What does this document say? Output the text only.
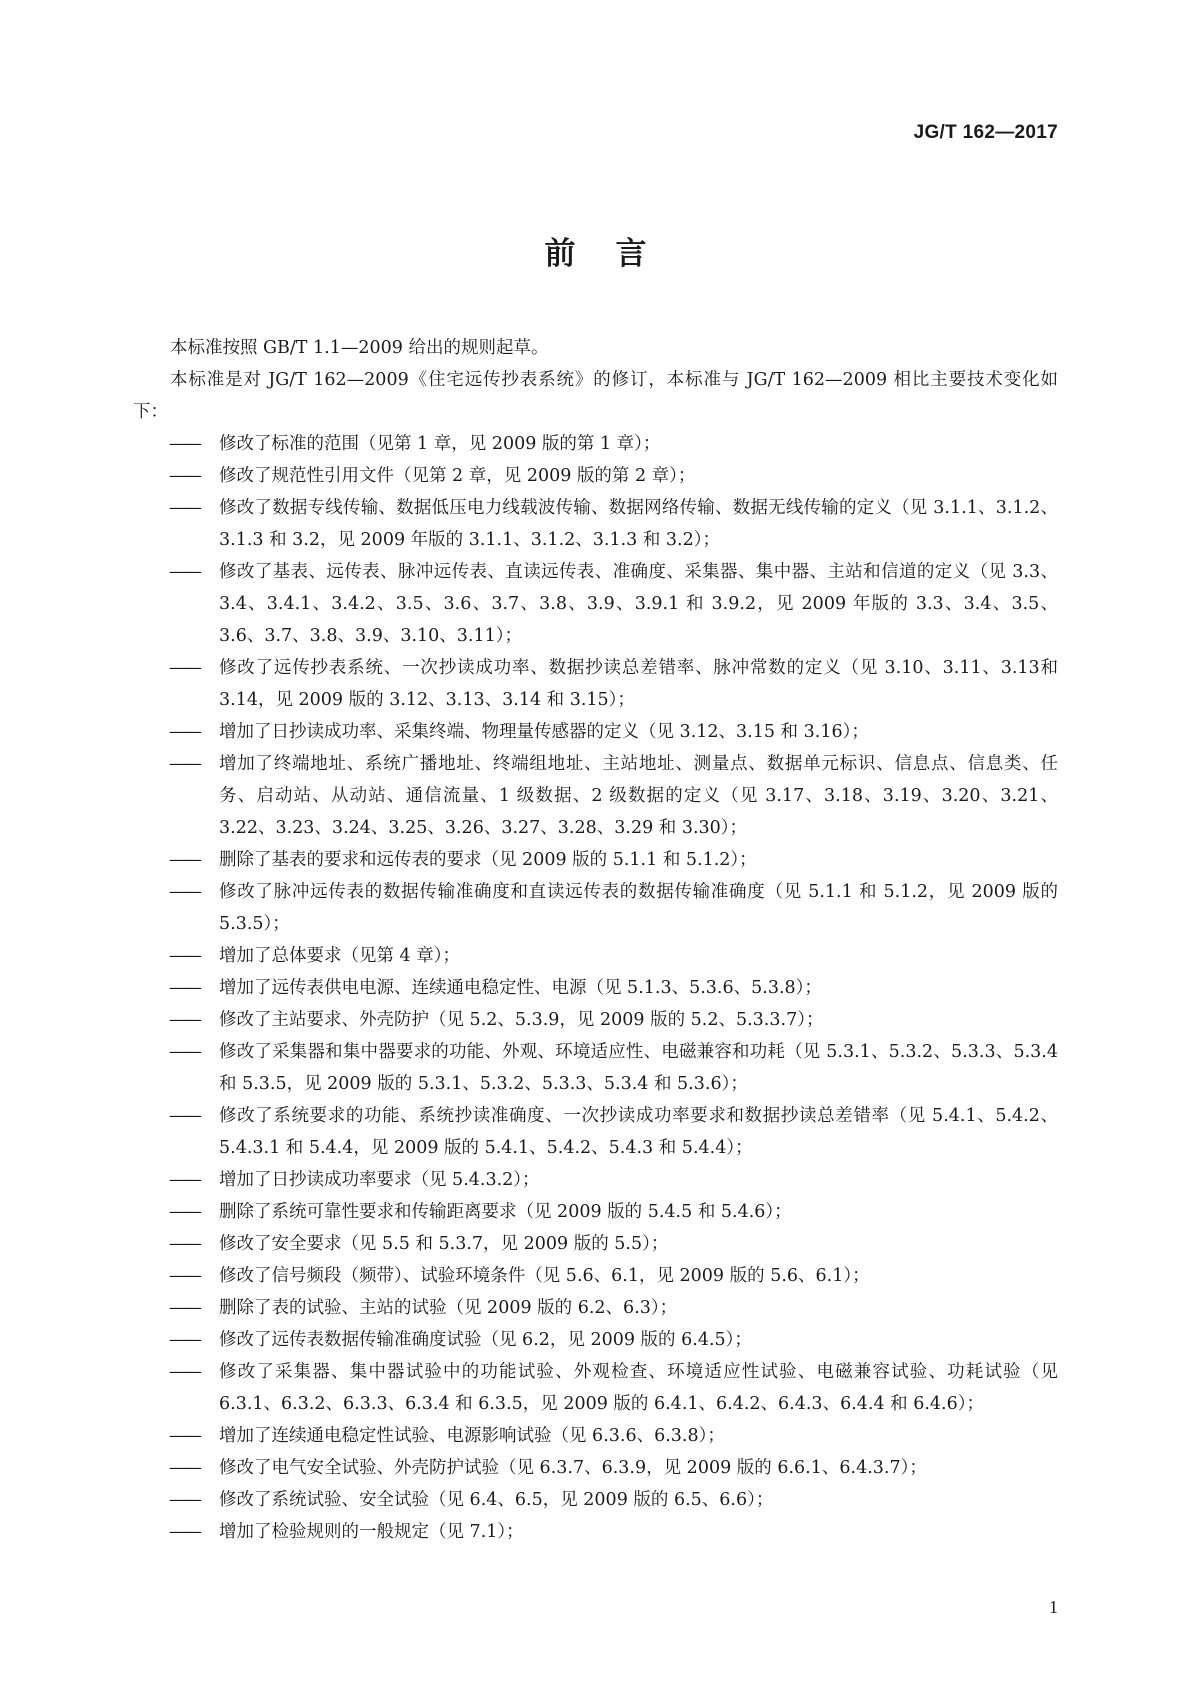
JG/T 162—2017
前言

本标准按照 GB/T 1.1—2009 给出的规则起草。

本标准是对 JG/T 162—2009《住宅远传抄表系统》的修订，本标准与 JG/T 162—2009 相比主要技术变化如下：

—— 修改了标准的范围（见第 1 章，见 2009 版的第 1 章）；

—— 修改了规范性引用文件（见第 2 章，见 2009 版的第 2 章）；

—— 修改了数据专线传输、数据低压电力线载波传输、数据网络传输、数据无线传输的定义（见 3.1.1、3.1.2、3.1.3 和 3.2，见 2009 年版的 3.1.1、3.1.2、3.1.3 和 3.2）；

—— 修改了基表、远传表、脉冲远传表、直读远传表、准确度、采集器、集中器、主站和信道的定义（见 3.3、3.4、3.4.1、3.4.2、3.5、3.6、3.7、3.8、3.9、3.9.1 和 3.9.2，见 2009 年版的 3.3、3.4、3.5、3.6、3.7、3.8、3.9、3.10、3.11）；

—— 修改了远传抄表系统、一次抄读成功率、数据抄读总差错率、脉冲常数的定义（见 3.10、3.11、3.13和 3.14，见 2009 版的 3.12、3.13、3.14 和 3.15）；

—— 增加了日抄读成功率、采集终端、物理量传感器的定义（见 3.12、3.15 和 3.16）；

—— 增加了终端地址、系统广播地址、终端组地址、主站地址、测量点、数据单元标识、信息点、信息类、任务、启动站、从动站、通信流量、1 级数据、2 级数据的定义（见 3.17、3.18、3.19、3.20、3.21、3.22、3.23、3.24、3.25、3.26、3.27、3.28、3.29 和 3.30）；

—— 删除了基表的要求和远传表的要求（见 2009 版的 5.1.1 和 5.1.2）；

—— 修改了脉冲远传表的数据传输准确度和直读远传表的数据传输准确度（见 5.1.1 和 5.1.2，见 2009 版的 5.3.5）；

—— 增加了总体要求（见第 4 章）；

—— 增加了远传表供电电源、连续通电稳定性、电源（见 5.1.3、5.3.6、5.3.8）；

—— 修改了主站要求、外壳防护（见 5.2、5.3.9，见 2009 版的 5.2、5.3.3.7）；

—— 修改了采集器和集中器要求的功能、外观、环境适应性、电磁兼容和功耗（见 5.3.1、5.3.2、5.3.3、5.3.4 和 5.3.5，见 2009 版的 5.3.1、5.3.2、5.3.3、5.3.4 和 5.3.6）；

—— 修改了系统要求的功能、系统抄读准确度、一次抄读成功率要求和数据抄读总差错率（见 5.4.1、5.4.2、5.4.3.1 和 5.4.4，见 2009 版的 5.4.1、5.4.2、5.4.3 和 5.4.4）；

—— 增加了日抄读成功率要求（见 5.4.3.2）；

—— 删除了系统可靠性要求和传输距离要求（见 2009 版的 5.4.5 和 5.4.6）；

—— 修改了安全要求（见 5.5 和 5.3.7，见 2009 版的 5.5）；

—— 修改了信号频段（频带）、试验环境条件（见 5.6、6.1，见 2009 版的 5.6、6.1）；

—— 删除了表的试验、主站的试验（见 2009 版的 6.2、6.3）；

—— 修改了远传表数据传输准确度试验（见 6.2，见 2009 版的 6.4.5）；

—— 修改了采集器、集中器试验中的功能试验、外观检查、环境适应性试验、电磁兼容试验、功耗试验（见 6.3.1、6.3.2、6.3.3、6.3.4 和 6.3.5，见 2009 版的 6.4.1、6.4.2、6.4.3、6.4.4 和 6.4.6）；

—— 增加了连续通电稳定性试验、电源影响试验（见 6.3.6、6.3.8）；

—— 修改了电气安全试验、外壳防护试验（见 6.3.7、6.3.9，见 2009 版的 6.6.1、6.4.3.7）；

—— 修改了系统试验、安全试验（见 6.4、6.5，见 2009 版的 6.5、6.6）；

—— 增加了检验规则的一般规定（见 7.1）；

1
